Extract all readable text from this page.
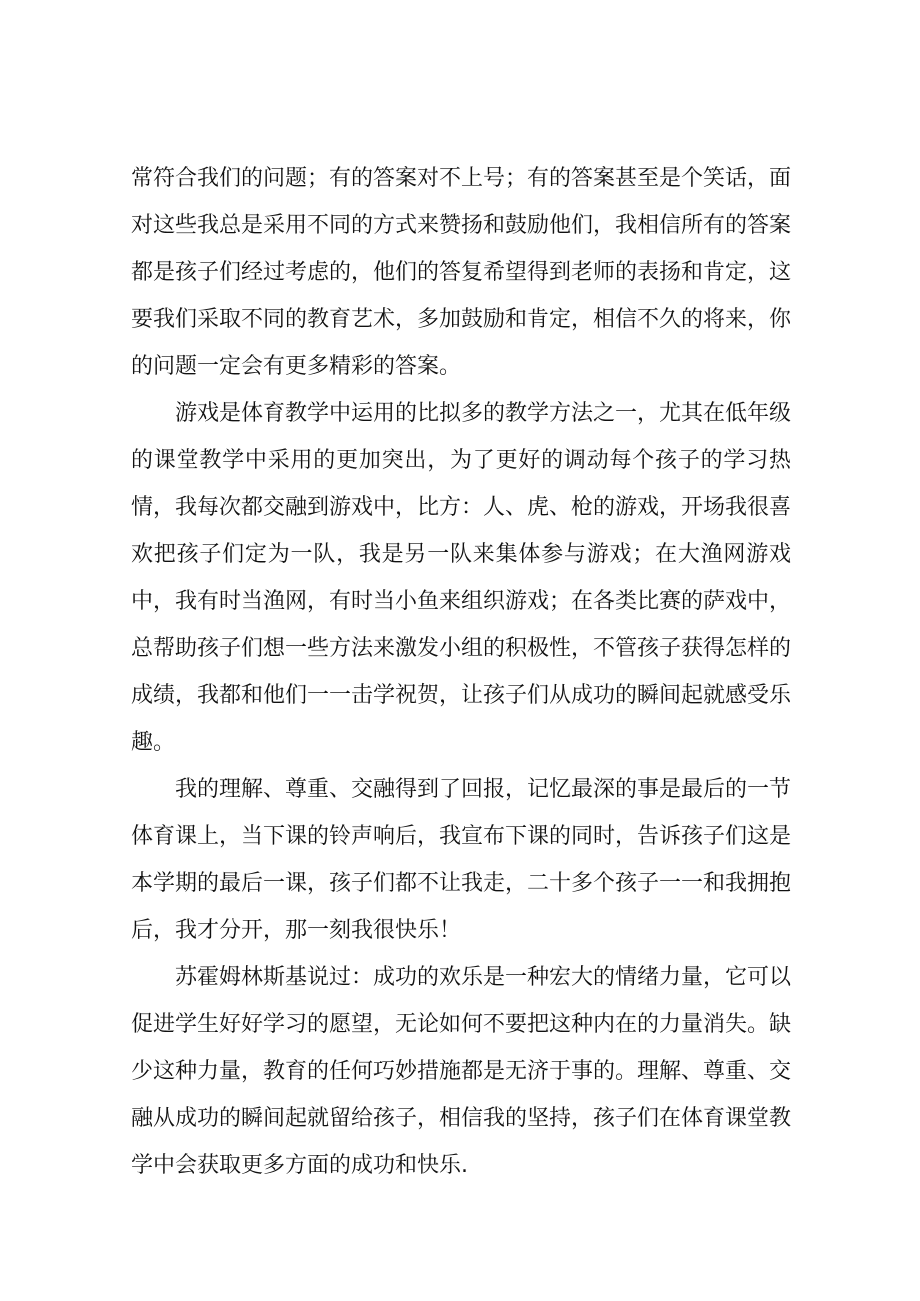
常符合我们的问题；有的答案对不上号；有的答案甚至是个笑话，面对这些我总是采用不同的方式来赞扬和鼓励他们，我相信所有的答案都是孩子们经过考虑的，他们的答复希望得到老师的表扬和肯定，这要我们采取不同的教育艺术，多加鼓励和肯定，相信不久的将来，你的问题一定会有更多精彩的答案。

游戏是体育教学中运用的比拟多的教学方法之一，尤其在低年级的课堂教学中采用的更加突出，为了更好的调动每个孩子的学习热情，我每次都交融到游戏中，比方：人、虎、枪的游戏，开场我很喜欢把孩子们定为一队，我是另一队来集体参与游戏；在大渔网游戏中，我有时当渔网，有时当小鱼来组织游戏；在各类比赛的萨戏中，总帮助孩子们想一些方法来激发小组的积极性，不管孩子获得怎样的成绩，我都和他们一一击学祝贺，让孩子们从成功的瞬间起就感受乐趣。

我的理解、尊重、交融得到了回报，记忆最深的事是最后的一节体育课上，当下课的铃声响后，我宣布下课的同时，告诉孩子们这是本学期的最后一课，孩子们都不让我走，二十多个孩子一一和我拥抱后，我才分开，那一刻我很快乐！

苏霍姆林斯基说过：成功的欢乐是一种宏大的情绪力量，它可以促进学生好好学习的愿望，无论如何不要把这种内在的力量消失。缺少这种力量，教育的任何巧妙措施都是无济于事的。理解、尊重、交融从成功的瞬间起就留给孩子，相信我的坚持，孩子们在体育课堂教学中会获取更多方面的成功和快乐.
